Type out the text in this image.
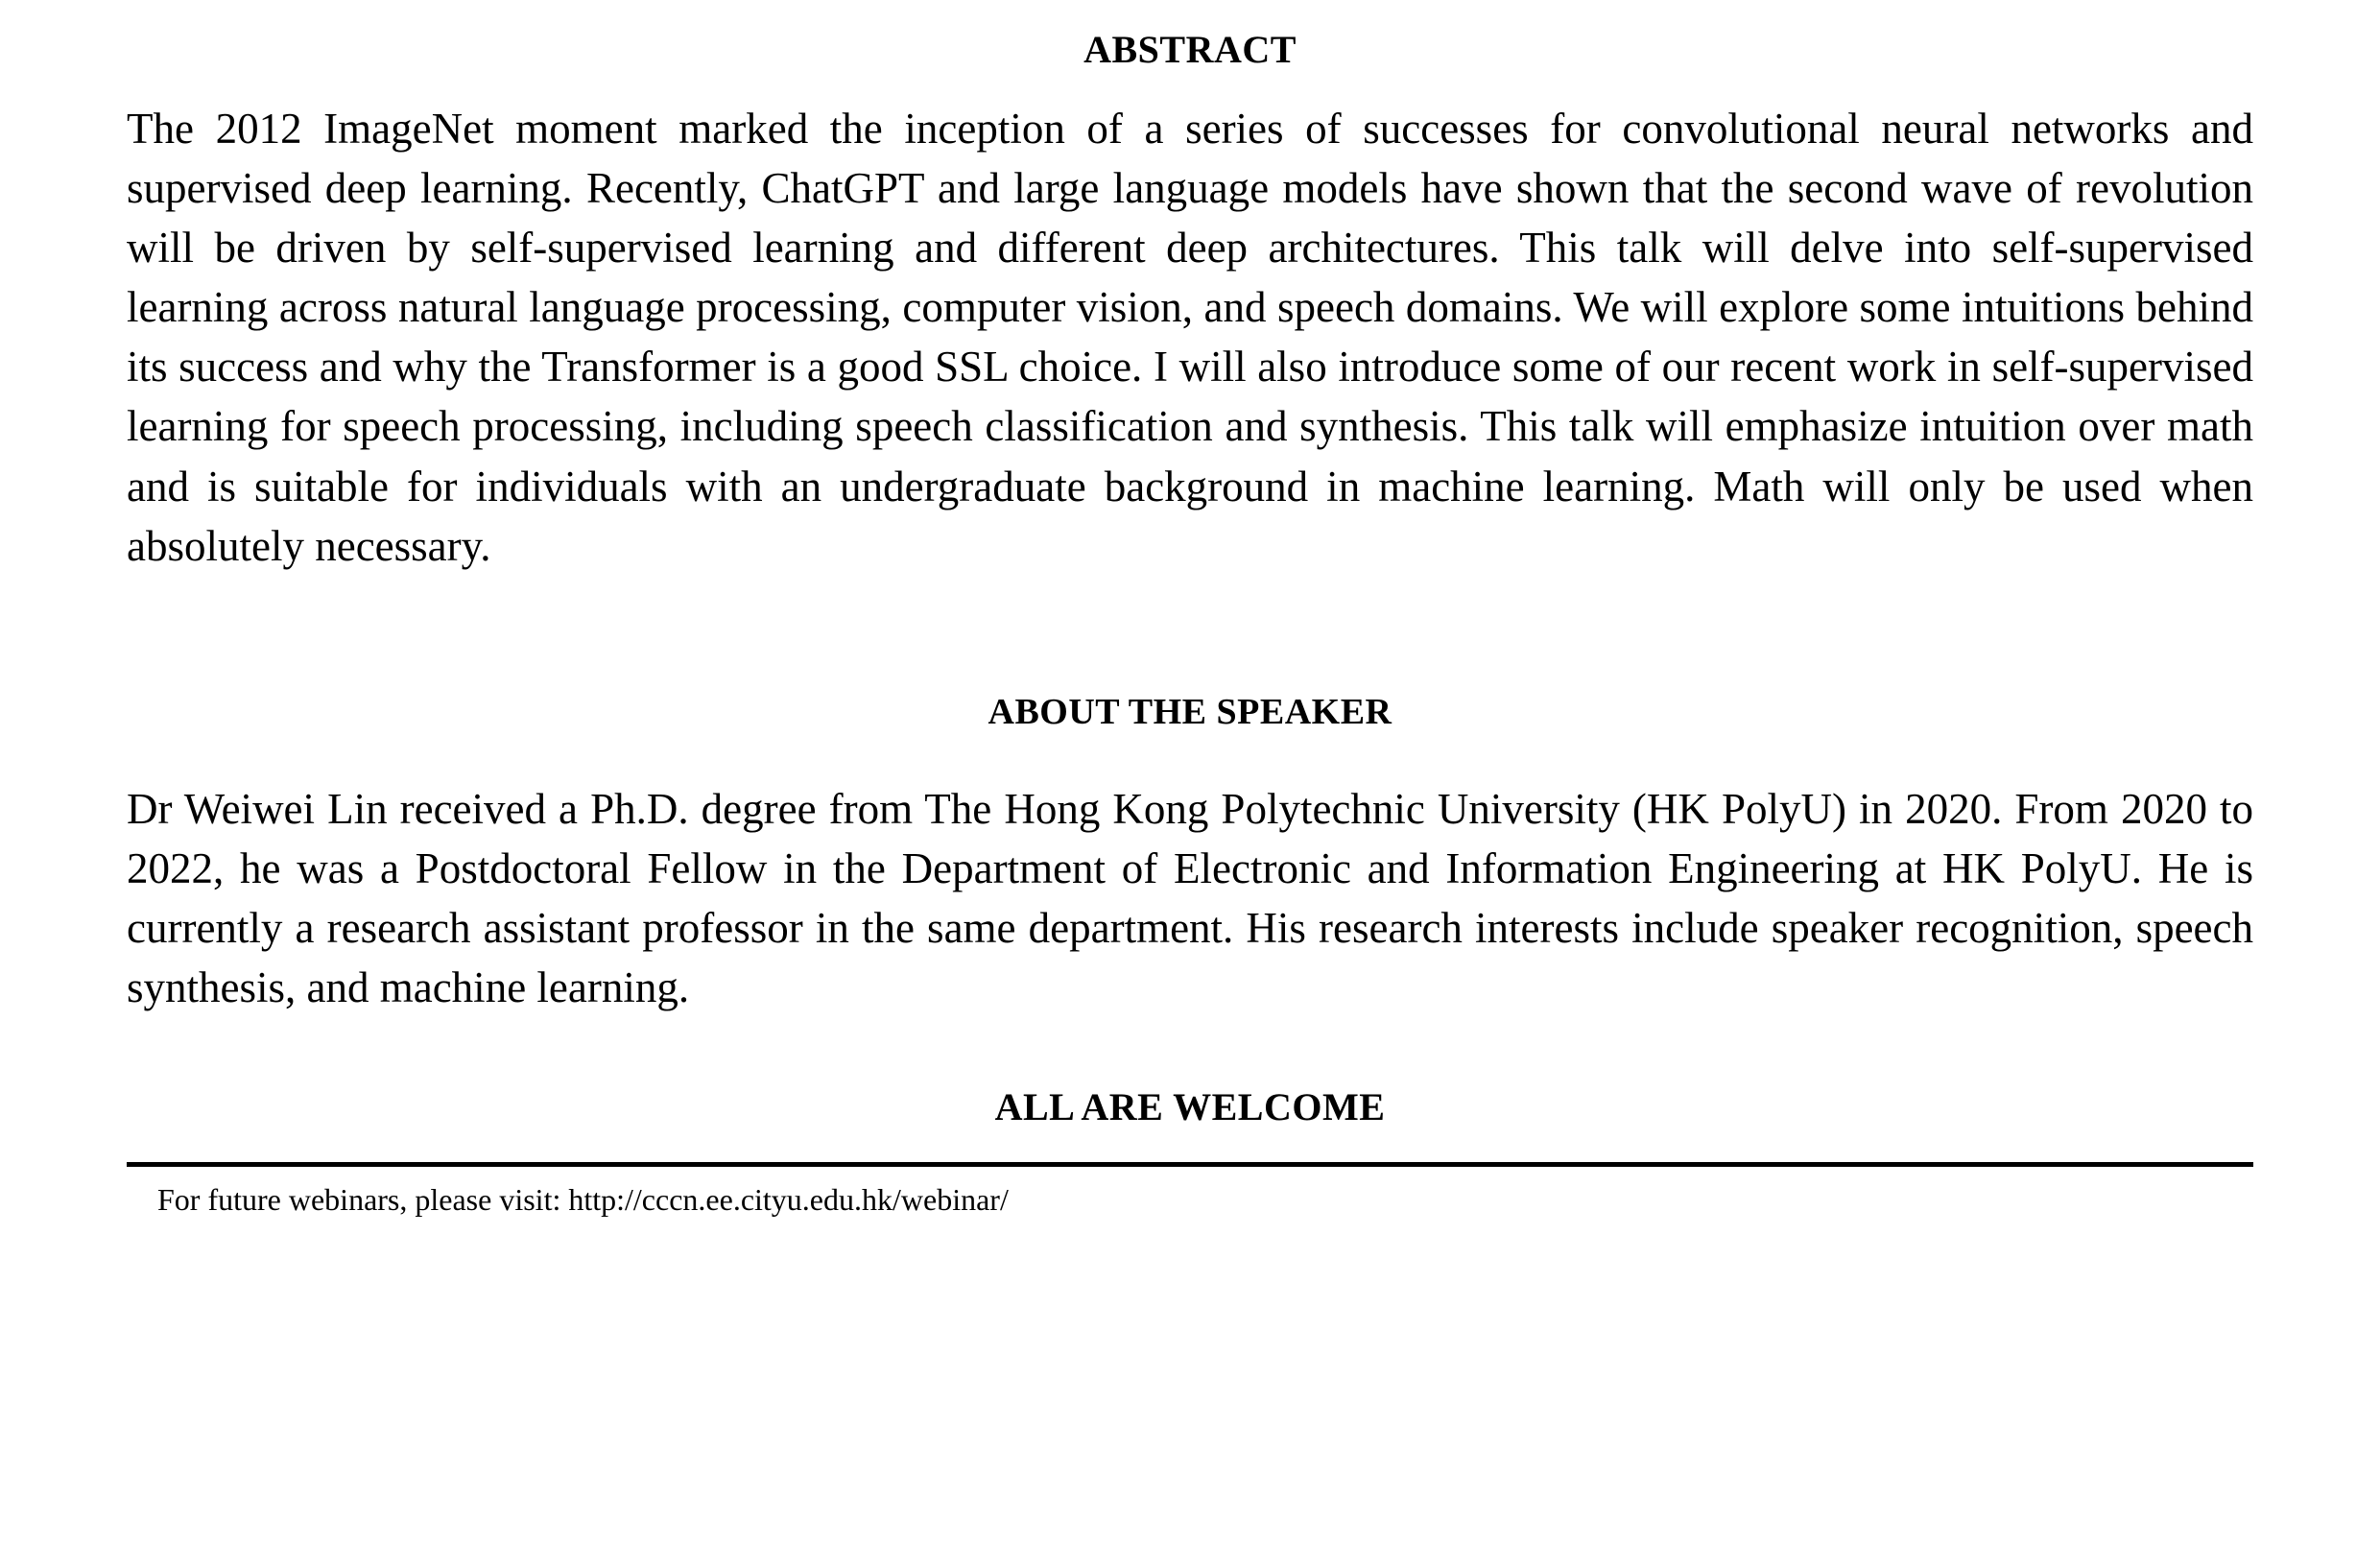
ABSTRACT

The 2012 ImageNet moment marked the inception of a series of successes for convolutional neural networks and supervised deep learning. Recently, ChatGPT and large language models have shown that the second wave of revolution will be driven by self-supervised learning and different deep architectures. This talk will delve into self-supervised learning across natural language processing, computer vision, and speech domains. We will explore some intuitions behind its success and why the Transformer is a good SSL choice. I will also introduce some of our recent work in self-supervised learning for speech processing, including speech classification and synthesis. This talk will emphasize intuition over math and is suitable for individuals with an undergraduate background in machine learning. Math will only be used when absolutely necessary.

ABOUT THE SPEAKER

Dr Weiwei Lin received a Ph.D. degree from The Hong Kong Polytechnic University (HK PolyU) in 2020. From 2020 to 2022, he was a Postdoctoral Fellow in the Department of Electronic and Information Engineering at HK PolyU. He is currently a research assistant professor in the same department. His research interests include speaker recognition, speech synthesis, and machine learning.

ALL ARE WELCOME
For future webinars, please visit: http://cccn.ee.cityu.edu.hk/webinar/
